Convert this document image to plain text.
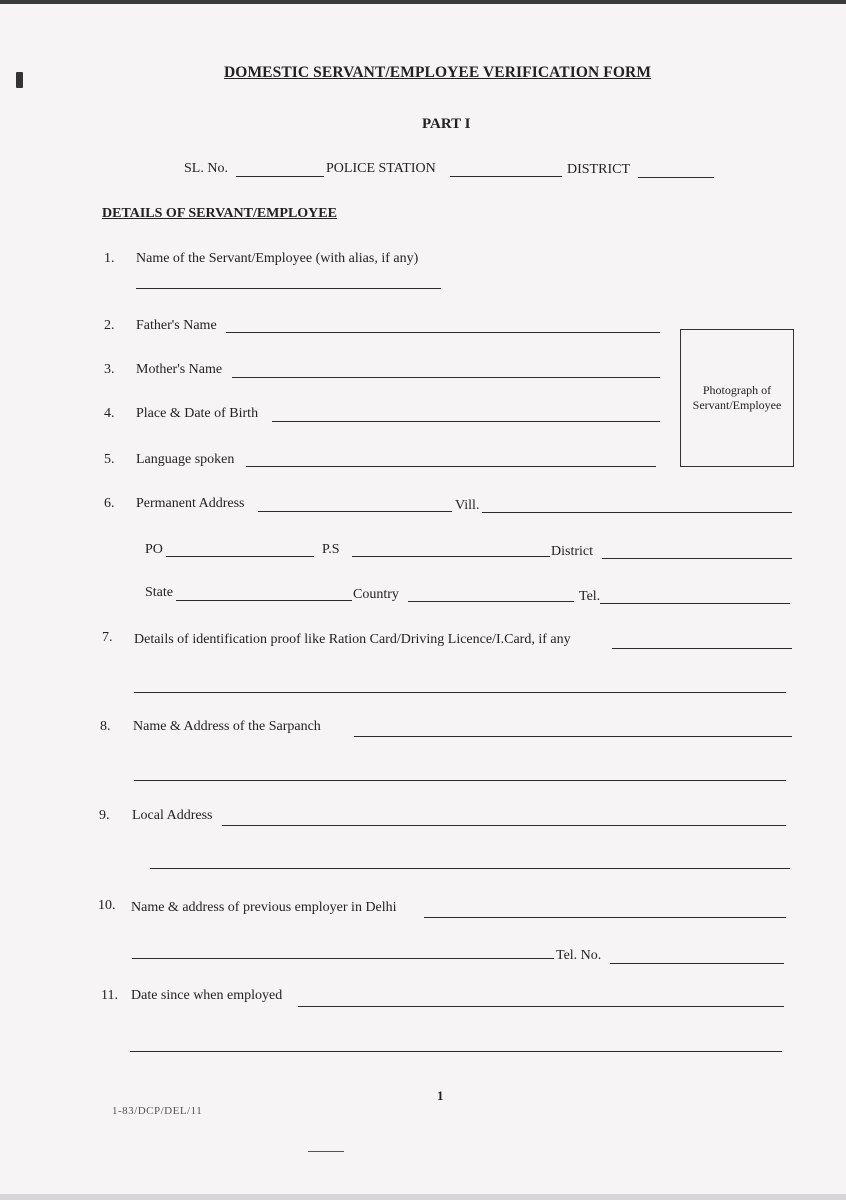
DOMESTIC SERVANT/EMPLOYEE VERIFICATION FORM
PART I
SL. No.	POLICE STATION	DISTRICT
DETAILS OF SERVANT/EMPLOYEE
1. Name of the Servant/Employee (with alias, if any)
2. Father's Name
3. Mother's Name
Photograph of Servant/Employee
4. Place & Date of Birth
5. Language spoken
6. Permanent Address	Vill.
PO	P.S	District
State	Country	Tel.
7. Details of identification proof like Ration Card/Driving Licence/I.Card, if any
8. Name & Address of the Sarpanch
9. Local Address
10. Name & address of previous employer in Delhi
Tel. No.
11. Date since when employed
1
1-83/DCP/DEL/11
